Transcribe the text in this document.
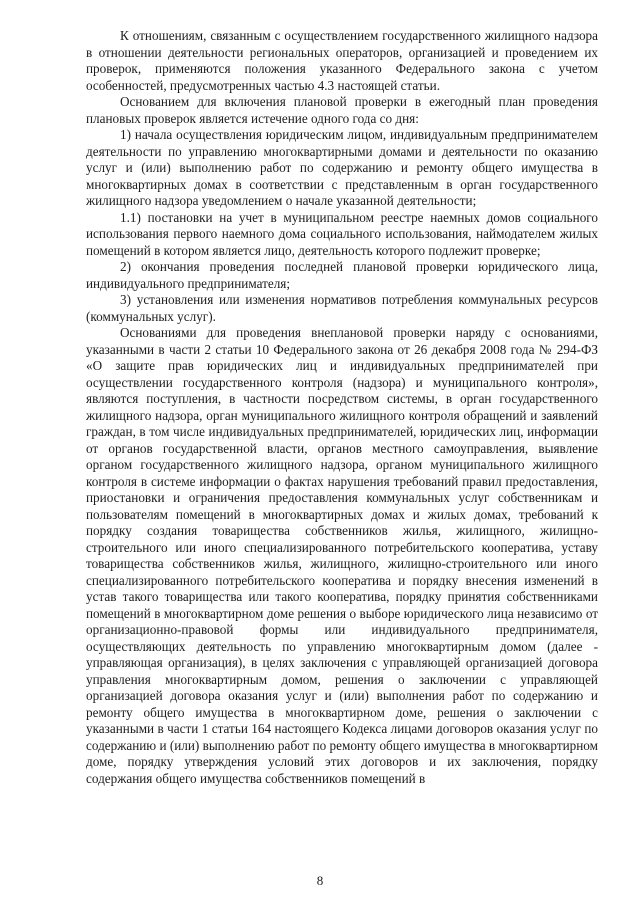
К отношениям, связанным с осуществлением государственного жилищного надзора в отношении деятельности региональных операторов, организацией и проведением их проверок, применяются положения указанного Федерального закона с учетом особенностей, предусмотренных частью 4.3 настоящей статьи.

Основанием для включения плановой проверки в ежегодный план проведения плановых проверок является истечение одного года со дня:

1) начала осуществления юридическим лицом, индивидуальным предпринимателем деятельности по управлению многоквартирными домами и деятельности по оказанию услуг и (или) выполнению работ по содержанию и ремонту общего имущества в многоквартирных домах в соответствии с представленным в орган государственного жилищного надзора уведомлением о начале указанной деятельности;

1.1) постановки на учет в муниципальном реестре наемных домов социального использования первого наемного дома социального использования, наймодателем жилых помещений в котором является лицо, деятельность которого подлежит проверке;

2) окончания проведения последней плановой проверки юридического лица, индивидуального предпринимателя;

3) установления или изменения нормативов потребления коммунальных ресурсов (коммунальных услуг).

Основаниями для проведения внеплановой проверки наряду с основаниями, указанными в части 2 статьи 10 Федерального закона от 26 декабря 2008 года № 294-ФЗ «О защите прав юридических лиц и индивидуальных предпринимателей при осуществлении государственного контроля (надзора) и муниципального контроля», являются поступления, в частности посредством системы, в орган государственного жилищного надзора, орган муниципального жилищного контроля обращений и заявлений граждан, в том числе индивидуальных предпринимателей, юридических лиц, информации от органов государственной власти, органов местного самоуправления, выявление органом государственного жилищного надзора, органом муниципального жилищного контроля в системе информации о фактах нарушения требований правил предоставления, приостановки и ограничения предоставления коммунальных услуг собственникам и пользователям помещений в многоквартирных домах и жилых домах, требований к порядку создания товарищества собственников жилья, жилищного, жилищно-строительного или иного специализированного потребительского кооператива, уставу товарищества собственников жилья, жилищного, жилищно-строительного или иного специализированного потребительского кооператива и порядку внесения изменений в устав такого товарищества или такого кооператива, порядку принятия собственниками помещений в многоквартирном доме решения о выборе юридического лица независимо от организационно-правовой формы или индивидуального предпринимателя, осуществляющих деятельность по управлению многоквартирным домом (далее - управляющая организация), в целях заключения с управляющей организацией договора управления многоквартирным домом, решения о заключении с управляющей организацией договора оказания услуг и (или) выполнения работ по содержанию и ремонту общего имущества в многоквартирном доме, решения о заключении с указанными в части 1 статьи 164 настоящего Кодекса лицами договоров оказания услуг по содержанию и (или) выполнению работ по ремонту общего имущества в многоквартирном доме, порядку утверждения условий этих договоров и их заключения, порядку содержания общего имущества собственников помещений в

8
